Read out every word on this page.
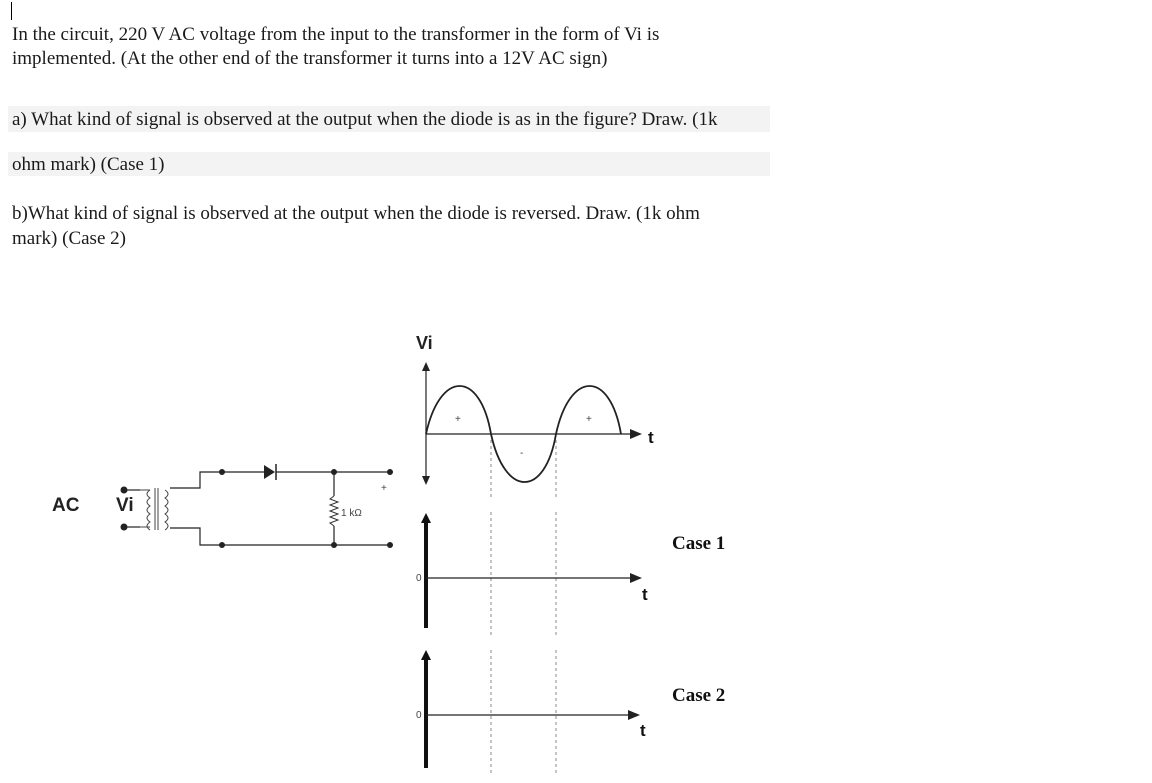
In the circuit, 220 V AC voltage from the input to the transformer in the form of Vi is
implemented. (At the other end of the transformer it turns into a 12V AC sign)
a) What kind of signal is observed at the output when the diode is as in the figure? Draw. (1k
ohm mark) (Case 1)
b)What kind of signal is observed at the output when the diode is reversed. Draw. (1k ohm
mark) (Case 2)
AC Vi	1 kΩ
+
Vi
t
+
-
+
0
t
Case 1
0
t
Case 2
